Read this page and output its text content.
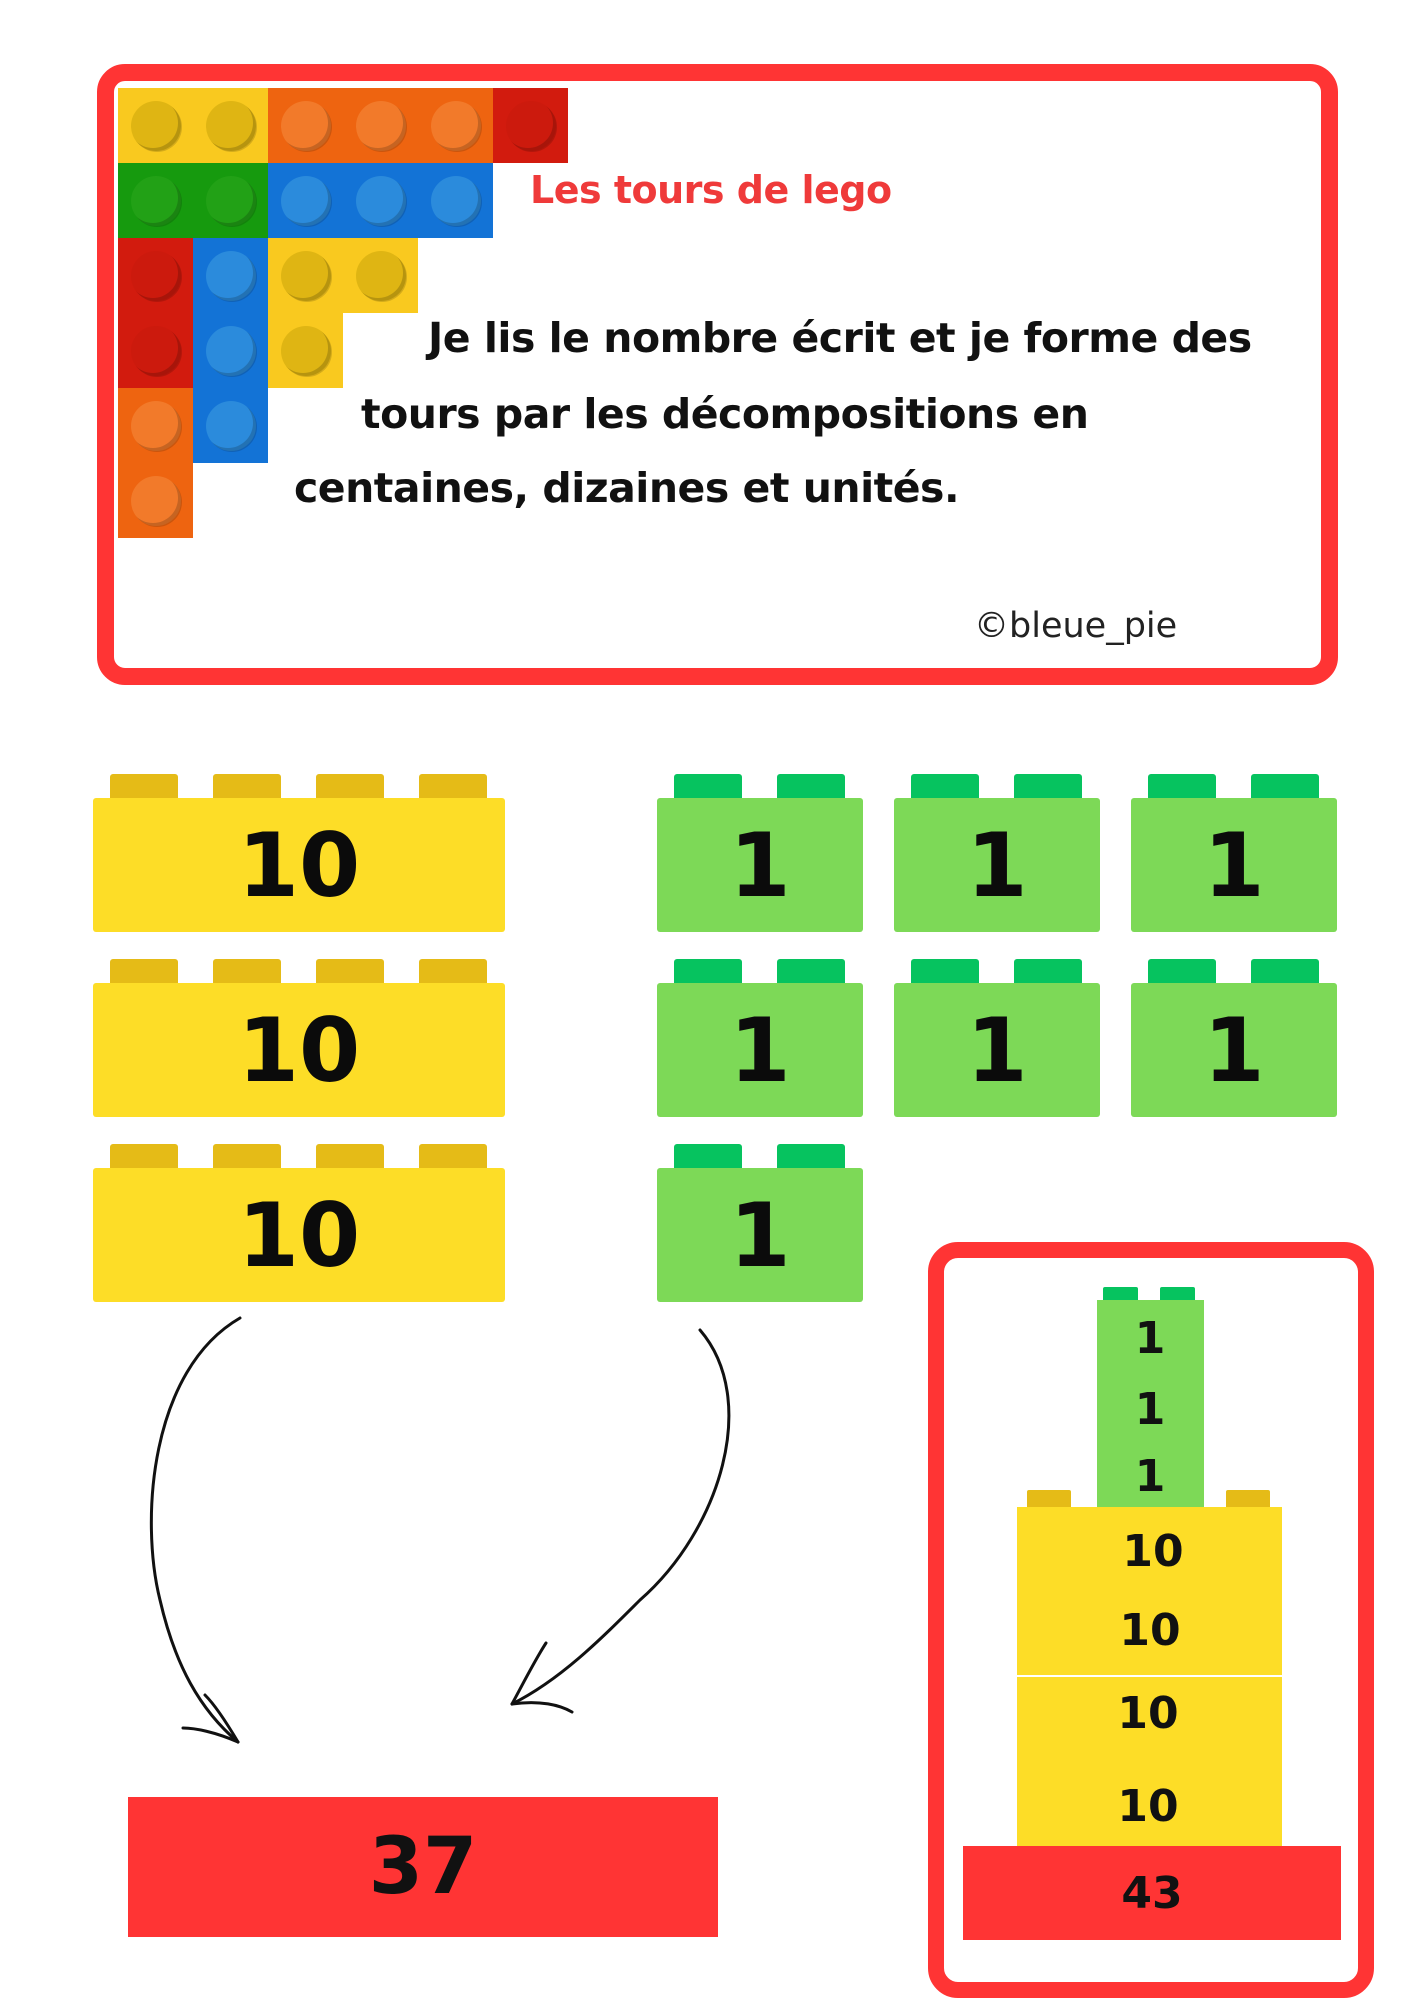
Les tours de lego
Je lis le nombre écrit et je forme des
tours par les décompositions en
centaines, dizaines et unités.
©bleue_pie
10
10
10
1	1	1
1	1	1
1
37
1
1
1
10
10
10
10
43
